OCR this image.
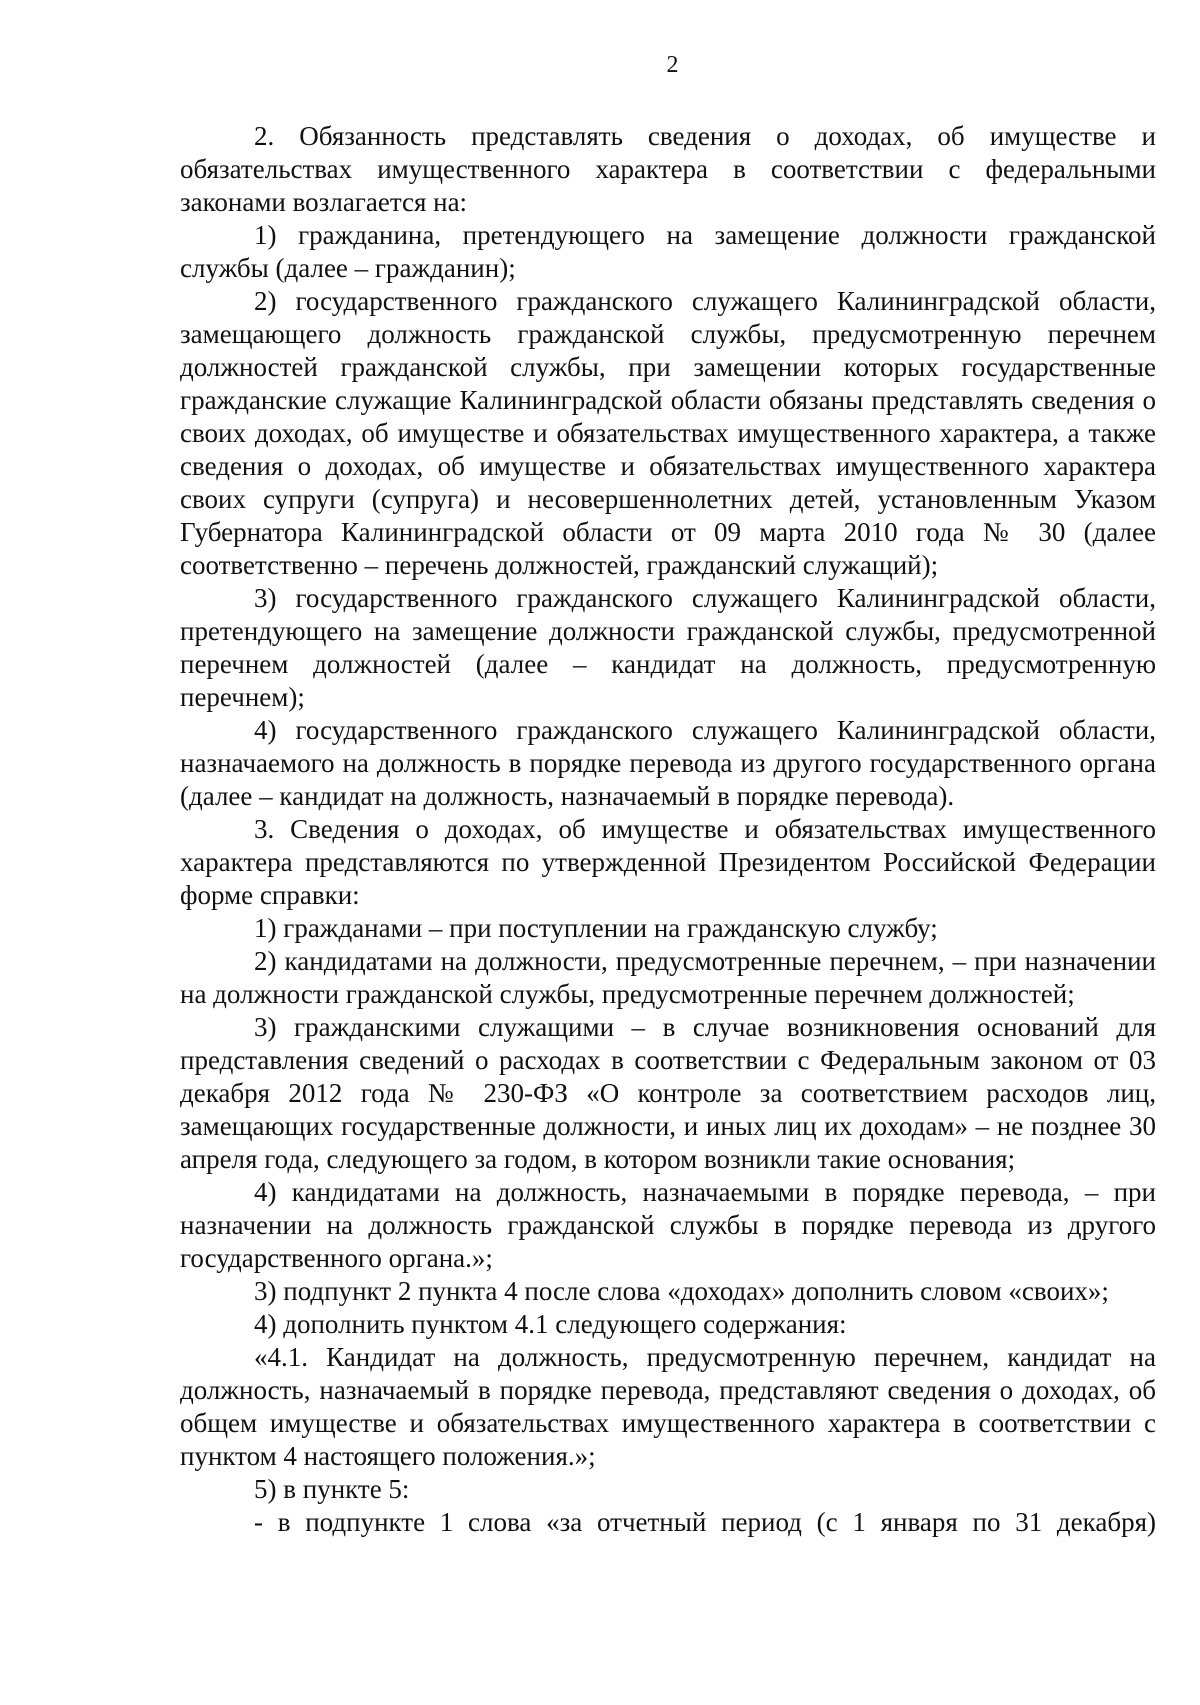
2

2. Обязанность представлять сведения о доходах, об имуществе и обязательствах имущественного характера в соответствии с федеральными законами возлагается на:

1) гражданина, претендующего на замещение должности гражданской службы (далее – гражданин);

2) государственного гражданского служащего Калининградской области, замещающего должность гражданской службы, предусмотренную перечнем должностей гражданской службы, при замещении которых государственные гражданские служащие Калининградской области обязаны представлять сведения о своих доходах, об имуществе и обязательствах имущественного характера, а также сведения о доходах, об имуществе и обязательствах имущественного характера своих супруги (супруга) и несовершеннолетних детей, установленным Указом Губернатора Калининградской области от 09 марта 2010 года № 30 (далее соответственно – перечень должностей, гражданский служащий);

3) государственного гражданского служащего Калининградской области, претендующего на замещение должности гражданской службы, предусмотренной перечнем должностей (далее – кандидат на должность, предусмотренную перечнем);

4) государственного гражданского служащего Калининградской области, назначаемого на должность в порядке перевода из другого государственного органа (далее – кандидат на должность, назначаемый в порядке перевода).

3. Сведения о доходах, об имуществе и обязательствах имущественного характера представляются по утвержденной Президентом Российской Федерации форме справки:

1) гражданами – при поступлении на гражданскую службу;

2) кандидатами на должности, предусмотренные перечнем, – при назначении на должности гражданской службы, предусмотренные перечнем должностей;

3) гражданскими служащими – в случае возникновения оснований для представления сведений о расходах в соответствии с Федеральным законом от 03 декабря 2012 года № 230-ФЗ «О контроле за соответствием расходов лиц, замещающих государственные должности, и иных лиц их доходам» – не позднее 30 апреля года, следующего за годом, в котором возникли такие основания;

4) кандидатами на должность, назначаемыми в порядке перевода, – при назначении на должность гражданской службы в порядке перевода из другого государственного органа.»;

3) подпункт 2 пункта 4 после слова «доходах» дополнить словом «своих»;

4) дополнить пунктом 4.1 следующего содержания:

«4.1. Кандидат на должность, предусмотренную перечнем, кандидат на должность, назначаемый в порядке перевода, представляют сведения о доходах, об общем имуществе и обязательствах имущественного характера в соответствии с пунктом 4 настоящего положения.»;

5) в пункте 5:

- в подпункте 1 слова «за отчетный период (с 1 января по 31 декабря)
